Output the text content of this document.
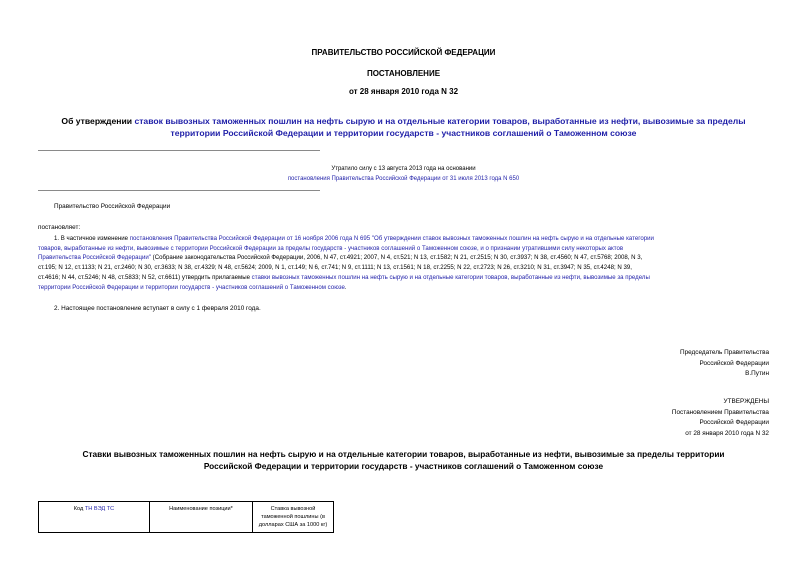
ПРАВИТЕЛЬСТВО РОССИЙСКОЙ ФЕДЕРАЦИИ
ПОСТАНОВЛЕНИЕ
от 28 января 2010 года N 32
Об утверждении ставок вывозных таможенных пошлин на нефть сырую и на отдельные категории товаров, выработанные из нефти, вывозимые за пределы
территории Российской Федерации и территории государств - участников соглашений о Таможенном союзе
Утратило силу с 13 августа 2013 года на основании
постановления Правительства Российской Федерации от 31 июля 2013 года N 650
Правительство Российской Федерации
постановляет:
1. В частичное изменение постановления Правительства Российской Федерации от 16 ноября 2006 года N 695 "Об утверждении ставок вывозных таможенных пошлин на нефть сырую и на отдельные категории
товаров, выработанные из нефти, вывозимые с территории Российской Федерации за пределы государств - участников соглашений о Таможенном союзе, и о признании утратившими силу некоторых актов
Правительства Российской Федерации" (Собрание законодательства Российской Федерации, 2006, N 47, ст.4921; 2007, N 4, ст.521; N 13, ст.1582; N 21, ст.2515; N 30, ст.3937; N 38, ст.4560; N 47, ст.5768; 2008, N 3,
ст.195; N 12, ст.1133; N 21, ст.2460; N 30, ст.3633; N 38, ст.4329; N 48, ст.5624; 2009, N 1, ст.149; N 6, ст.741; N 9, ст.1111; N 13, ст.1561; N 18, ст.2255; N 22, ст.2723; N 26, ст.3210; N 31, ст.3947; N 35, ст.4248; N 39,
ст.4616; N 44, ст.5246; N 48, ст.5833; N 52, ст.6611) утвердить прилагаемые ставки вывозных таможенных пошлин на нефть сырую и на отдельные категории товаров, выработанные из нефти, вывозимые за пределы
территории Российской Федерации и территории государств - участников соглашений о Таможенном союзе.
2. Настоящее постановление вступает в силу с 1 февраля 2010 года.
Председатель Правительства
Российской Федерации
В.Путин
УТВЕРЖДЕНЫ
Постановлением Правительства
Российской Федерации
от 28 января 2010 года N 32
Ставки вывозных таможенных пошлин на нефть сырую и на отдельные категории товаров, выработанные из нефти, вывозимые за пределы территории
Российской Федерации и территории государств - участников соглашений о Таможенном союзе
Код ТН ВЭД ТС	Наименование позиции*	Ставка вывозной таможенной пошлины (в долларах США за 1000 кг)
